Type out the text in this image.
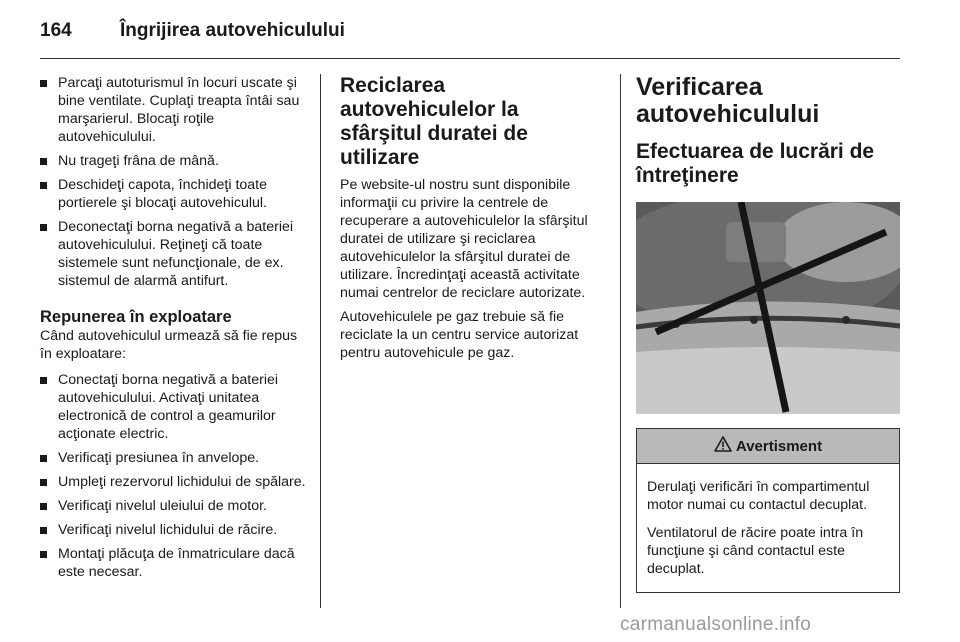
164	Îngrijirea autovehiculului
Parcaţi autoturismul în locuri uscate şi bine ventilate. Cuplaţi treapta întâi sau marşarierul. Blocaţi roţile autovehiculului.
Nu trageţi frâna de mână.
Deschideţi capota, închideţi toate portierele şi blocaţi autovehiculul.
Deconectaţi borna negativă a bateriei autovehiculului. Reţineţi că toate sistemele sunt nefuncţionale, de ex. sistemul de alarmă antifurt.
Repunerea în exploatare

Când autovehiculul urmează să fie repus în exploatare:

Conectaţi borna negativă a bateriei autovehiculului. Activaţi unitatea electronică de control a geamurilor acţionate electric.
Verificaţi presiunea în anvelope.
Umpleţi rezervorul lichidului de spălare.
Verificaţi nivelul uleiului de motor.
Verificaţi nivelul lichidului de răcire.
Montaţi plăcuţa de înmatriculare dacă este necesar.
Reciclarea autovehiculelor la sfârşitul duratei de utilizare

Pe website-ul nostru sunt disponibile informaţii cu privire la centrele de recuperare a autovehiculelor la sfârşitul duratei de utilizare şi reciclarea autovehiculelor la sfârşitul duratei de utilizare. Încredinţaţi această activitate numai centrelor de reciclare autorizate.

Autovehiculele pe gaz trebuie să fie reciclate la un centru service autorizat pentru autovehicule pe gaz.

Verificarea autovehiculului
Efectuarea de lucrări de întreţinere
Avertisment

Derulaţi verificări în compartimentul motor numai cu contactul decuplat.

Ventilatorul de răcire poate intra în funcţiune şi când contactul este decuplat.

carmanualsonline.info
